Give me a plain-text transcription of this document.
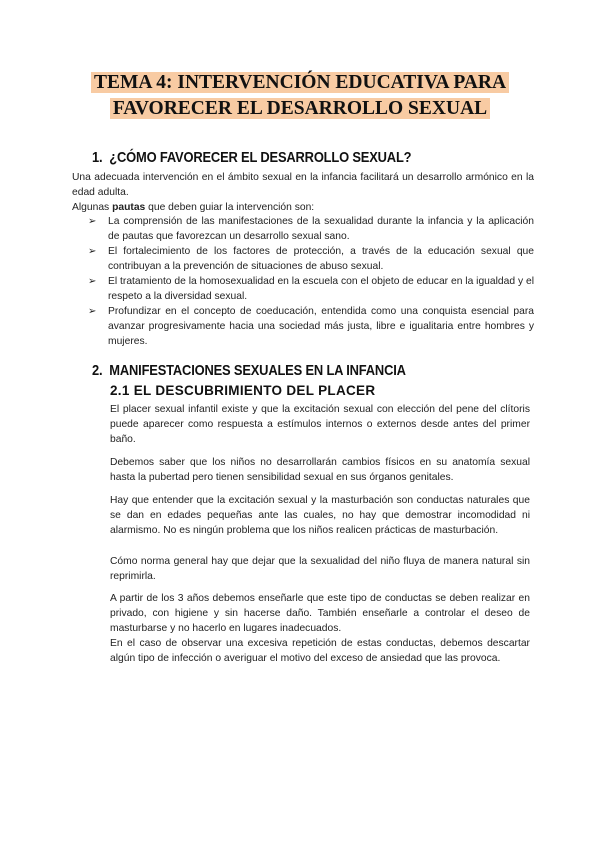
TEMA 4: INTERVENCIÓN EDUCATIVA PARA
FAVORECER EL DESARROLLO SEXUAL
1. ¿CÓMO FAVORECER EL DESARROLLO SEXUAL?
Una adecuada intervención en el ámbito sexual en la infancia facilitará un desarrollo armónico en la edad adulta.
Algunas pautas que deben guiar la intervención son:
➢ La comprensión de las manifestaciones de la sexualidad durante la infancia y la aplicación de pautas que favorezcan un desarrollo sexual sano.
➢ El fortalecimiento de los factores de protección, a través de la educación sexual que contribuyan a la prevención de situaciones de abuso sexual.
➢ El tratamiento de la homosexualidad en la escuela con el objeto de educar en la igualdad y el respeto a la diversidad sexual.
➢ Profundizar en el concepto de coeducación, entendida como una conquista esencial para avanzar progresivamente hacia una sociedad más justa, libre e igualitaria entre hombres y mujeres.
2. MANIFESTACIONES SEXUALES EN LA INFANCIA
2.1 EL DESCUBRIMIENTO DEL PLACER
El placer sexual infantil existe y que la excitación sexual con elección del pene del clítoris puede aparecer como respuesta a estímulos internos o externos desde antes del primer baño.
Debemos saber que los niños no desarrollarán cambios físicos en su anatomía sexual hasta la pubertad pero tienen sensibilidad sexual en sus órganos genitales.
Hay que entender que la excitación sexual y la masturbación son conductas naturales que se dan en edades pequeñas ante las cuales, no hay que demostrar incomodidad ni alarmismo. No es ningún problema que los niños realicen prácticas de masturbación.
Cómo norma general hay que dejar que la sexualidad del niño fluya de manera natural sin reprimirla.
A partir de los 3 años debemos enseñarle que este tipo de conductas se deben realizar en privado, con higiene y sin hacerse daño. También enseñarle a controlar el deseo de masturbarse y no hacerlo en lugares inadecuados.
En el caso de observar una excesiva repetición de estas conductas, debemos descartar algún tipo de infección o averiguar el motivo del exceso de ansiedad que las provoca.
